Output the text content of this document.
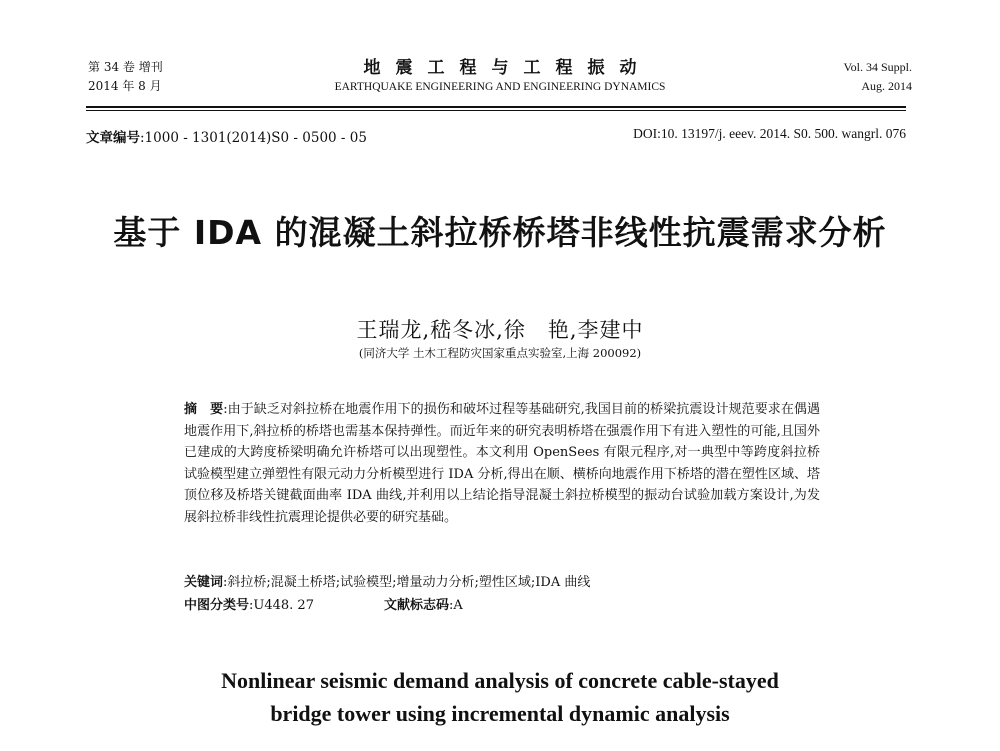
第 34 卷 增刊
2014 年 8 月
地震工程与工程振动
EARTHQUAKE ENGINEERING AND ENGINEERING DYNAMICS
Vol. 34 Suppl.
Aug. 2014
文章编号:1000 - 1301(2014)S0 - 0500 - 05	DOI:10. 13197/j. eeev. 2014. S0. 500. wangrl. 076
基于 IDA 的混凝土斜拉桥桥塔非线性抗震需求分析
王瑞龙,嵇冬冰,徐　艳,李建中
(同济大学 土木工程防灾国家重点实验室,上海 200092)
摘　要:由于缺乏对斜拉桥在地震作用下的损伤和破坏过程等基础研究,我国目前的桥梁抗震设计规范要求在偶遇地震作用下,斜拉桥的桥塔也需基本保持弹性。而近年来的研究表明桥塔在强震作用下有进入塑性的可能,且国外已建成的大跨度桥梁明确允许桥塔可以出现塑性。本文利用 OpenSees 有限元程序,对一典型中等跨度斜拉桥试验模型建立弹塑性有限元动力分析模型进行 IDA 分析,得出在顺、横桥向地震作用下桥塔的潜在塑性区域、塔顶位移及桥塔关键截面曲率 IDA 曲线,并利用以上结论指导混凝土斜拉桥模型的振动台试验加载方案设计,为发展斜拉桥非线性抗震理论提供必要的研究基础。
关键词:斜拉桥;混凝土桥塔;试验模型;增量动力分析;塑性区域;IDA 曲线
中图分类号:U448. 27	文献标志码:A
Nonlinear seismic demand analysis of concrete cable-stayed
bridge tower using incremental dynamic analysis
